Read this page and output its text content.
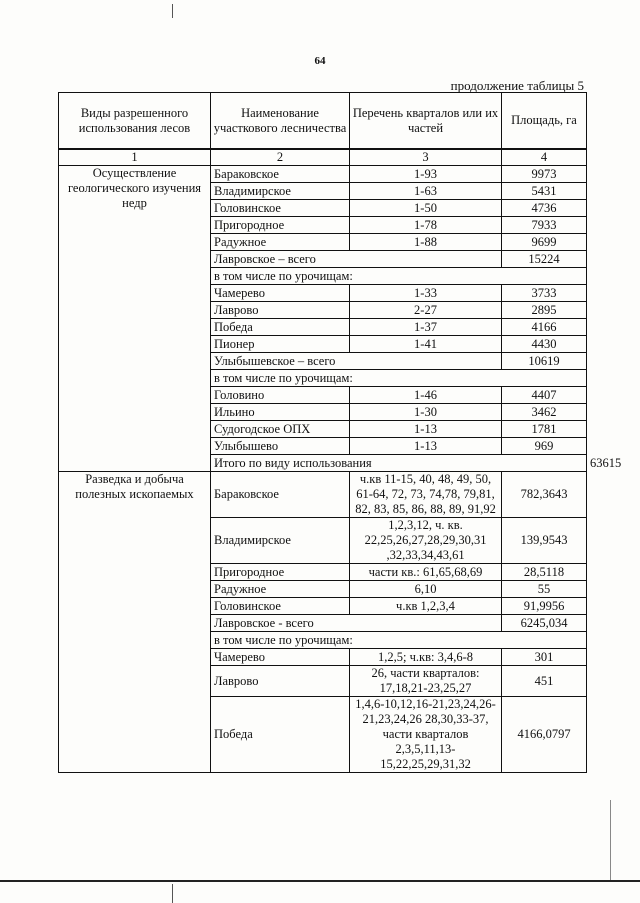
64
продолжение таблицы 5
Виды разрешенного использования лесов	Наименование участкового лесничества	Перечень кварталов или их частей	Площадь, га	
1	2	3	4	
Осуществление геологического изучения недр	Бараковское	1-93	9973	
	Владимирское	1-63	5431	
	Головинское	1-50	4736	
	Пригородное	1-78	7933	
	Радужное	1-88	9699	
	Лавровское – всего		15224	
	в том числе по урочищам:			
	Чамерево	1-33	3733	
	Лаврово	2-27	2895	
	Победа	1-37	4166	
	Пионер	1-41	4430	
	Улыбышевское – всего		10619	
	в том числе по урочищам:			
	Головино	1-46	4407	
	Ильино	1-30	3462	
	Судогодское ОПХ	1-13	1781	
	Улыбышево	1-13	969	
	Итого по виду использования			63615
Разведка и добыча полезных ископаемых	Бараковское	ч.кв 11-15, 40, 48, 49, 50, 61-64, 72, 73, 74,78, 79,81, 82, 83, 85, 86, 88, 89, 91,92	782,3643	
	Владимирское	1,2,3,12, ч. кв. 22,25,26,27,28,29,30,31 ,32,33,34,43,61	139,9543	
	Пригородное	части кв.: 61,65,68,69	28,5118	
	Радужное	6,10	55	
	Головинское	ч.кв 1,2,3,4	91,9956	
	Лавровское - всего		6245,034	
	в том числе по урочищам:			
	Чамерево	1,2,5; ч.кв: 3,4,6-8	301	
	Лаврово	26, части кварталов: 17,18,21-23,25,27	451	
	Победа	1,4,6-10,12,16-21,23,24,26-21,23,24,26 28,30,33-37, части кварталов 2,3,5,11,13-15,22,25,29,31,32	4166,0797	
